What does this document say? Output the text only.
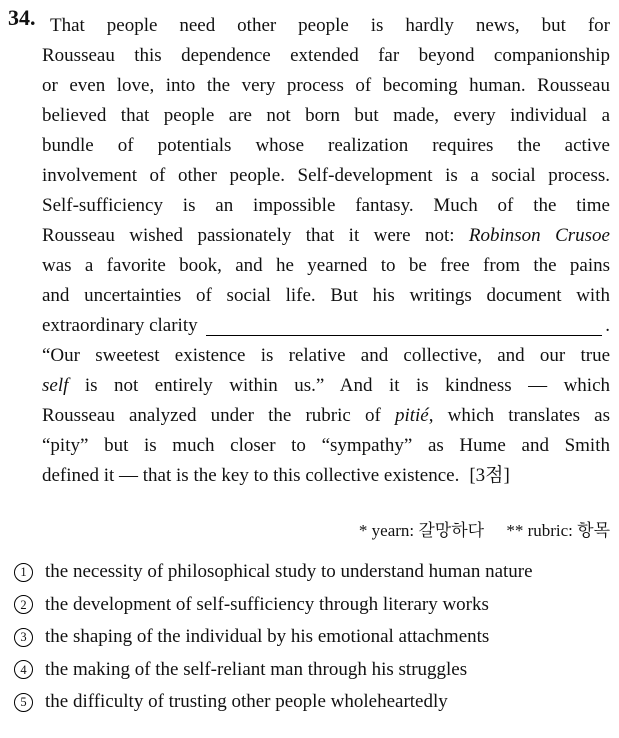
34. That people need other people is hardly news, but for
Rousseau this dependence extended far beyond companionship
or even love, into the very process of becoming human. Rousseau
believed that people are not born but made, every individual a
bundle of potentials whose realization requires the active
involvement of other people. Self-development is a social process.
Self-sufficiency is an impossible fantasy. Much of the time
Rousseau wished passionately that it were not: Robinson Crusoe
was a favorite book, and he yearned to be free from the pains
and uncertainties of social life. But his writings document with
extraordinary clarity	.
“Our sweetest existence is relative and collective, and our true
self is not entirely within us.” And it is kindness — which
Rousseau analyzed under the rubric of pitié, which translates as
“pity” but is much closer to “sympathy” as Hume and Smith
defined it — that is the key to this collective existence. [3점]
* yearn: 갈망하다 ** rubric: 항목
1 the necessity of philosophical study to understand human nature
2 the development of self-sufficiency through literary works
3 the shaping of the individual by his emotional attachments
4 the making of the self-reliant man through his struggles
5 the difficulty of trusting other people wholeheartedly
